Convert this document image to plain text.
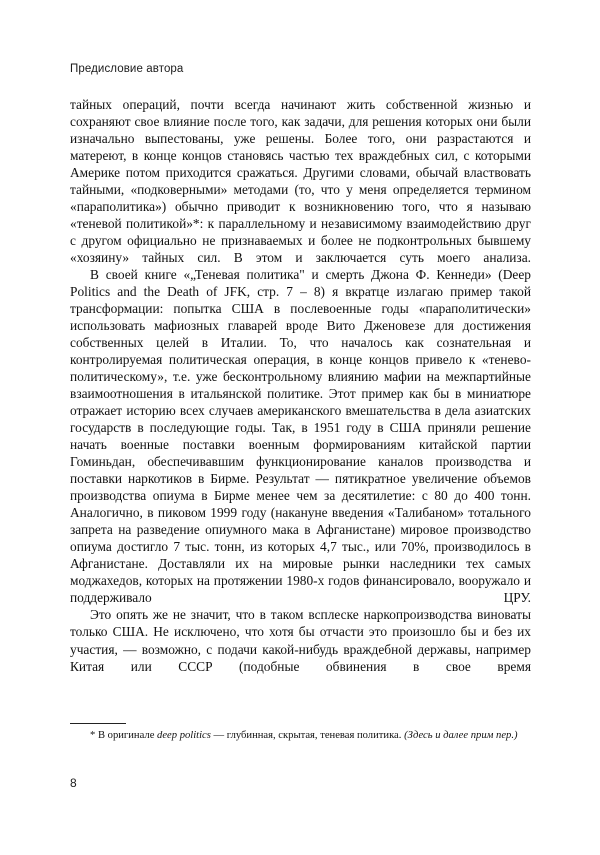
Предисловие автора

тайных операций, почти всегда начинают жить собственной жизнью и сохраняют свое влияние после того, как задачи, для решения которых они были изначально выпестованы, уже решены. Более того, они разрастаются и матереют, в конце концов становясь частью тех враждебных сил, с которыми Америке потом приходится сражаться. Другими словами, обычай властвовать тайными, «подковерными» методами (то, что у меня определяется термином «параполитика») обычно приводит к возникновению того, что я называю «теневой политикой»*: к параллельному и независимому взаимодействию друг с другом официально не признаваемых и более не подконтрольных бывшему «хозяину» тайных сил. В этом и заключается суть моего анализа.

В своей книге «„Теневая политика" и смерть Джона Ф. Кеннеди» (Deep Politics and the Death of JFK, стр. 7 – 8) я вкратце излагаю пример такой трансформации: попытка США в послевоенные годы «параполитически» использовать мафиозных главарей вроде Вито Дженовезе для достижения собственных целей в Италии. То, что началось как сознательная и контролируемая политическая операция, в конце концов привело к «теневo-политическому», т.е. уже бесконтрольному влиянию мафии на межпартийные взаимоотношения в итальянской политике. Этот пример как бы в миниатюре отражает историю всех случаев американского вмешательства в дела азиатских государств в последующие годы. Так, в 1951 году в США приняли решение начать военные поставки военным формированиям китайской партии Гоминьдан, обеспечивавшим функционирование каналов производства и поставки наркотиков в Бирме. Результат — пятикратное увеличение объемов производства опиума в Бирме менее чем за десятилетие: с 80 до 400 тонн. Аналогично, в пиковом 1999 году (накануне введения «Талибаном» тотального запрета на разведение опиумного мака в Афганистане) мировое производство опиума достигло 7 тыс. тонн, из которых 4,7 тыс., или 70%, производилось в Афганистане. Доставляли их на мировые рынки наследники тех самых моджахедов, которых на протяжении 1980-х годов финансировало, вооружало и поддерживало ЦРУ.

Это опять же не значит, что в таком всплеске наркопроизводства виноваты только США. Не исключено, что хотя бы отчасти это произошло бы и без их участия, — возможно, с подачи какой-нибудь враждебной державы, например Китая или СССР (подобные обвинения в свое время

* В оригинале deep politics — глубинная, скрытая, теневая политика. (Здесь и далее прим пер.)

8
